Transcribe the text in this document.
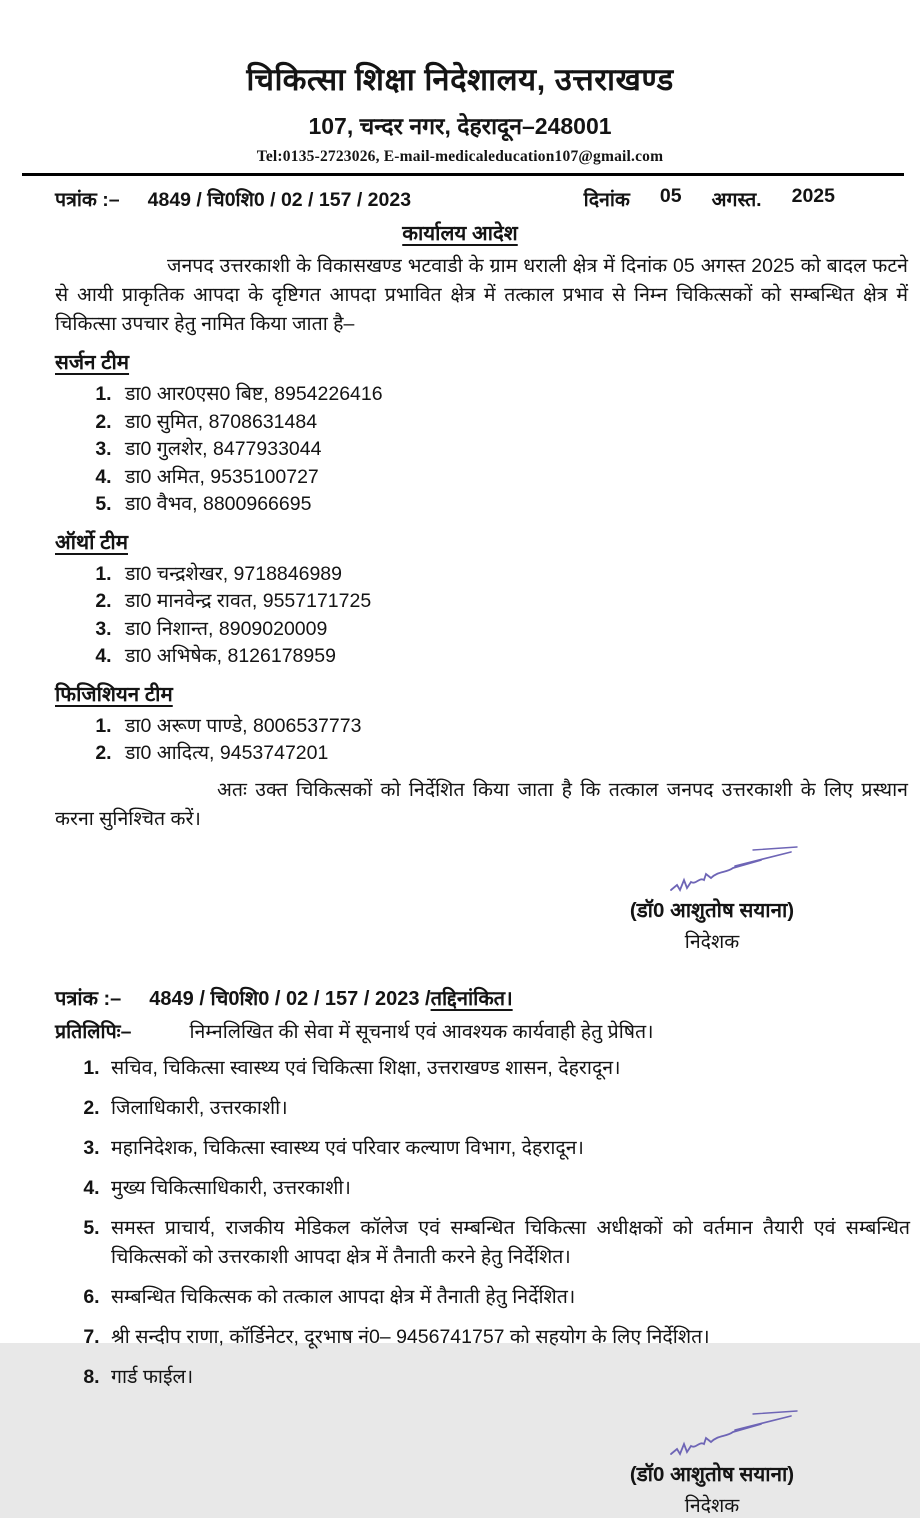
चिकित्सा शिक्षा निदेशालय, उत्तराखण्ड
107, चन्दर नगर, देहरादून–248001
Tel:0135-2723026, E-mail-medicaleducation107@gmail.com
पत्रांक :– 4849 / चि0शि0 / 02 / 157 / 2023	दिनांक 05 अगस्त. 2025
कार्यालय आदेश

जनपद उत्तरकाशी के विकासखण्ड भटवाडी के ग्राम धराली क्षेत्र में दिनांक 05 अगस्त 2025 को बादल फटने से आयी प्राकृतिक आपदा के दृष्टिगत आपदा प्रभावित क्षेत्र में तत्काल प्रभाव से निम्न चिकित्सकों को सम्बन्धित क्षेत्र में चिकित्सा उपचार हेतु नामित किया जाता है–

सर्जन टीम
1. डा0 आर0एस0 बिष्ट, 8954226416
2. डा0 सुमित, 8708631484
3. डा0 गुलशेर, 8477933044
4. डा0 अमित, 9535100727
5. डा0 वैभव, 8800966695
ऑर्थो टीम
1. डा0 चन्द्रशेखर, 9718846989
2. डा0 मानवेन्द्र रावत, 9557171725
3. डा0 निशान्त, 8909020009
4. डा0 अभिषेक, 8126178959
फिजिशियन टीम
1. डा0 अरूण पाण्डे, 8006537773
2. डा0 आदित्य, 9453747201

अतः उक्त चिकित्सकों को निर्देशित किया जाता है कि तत्काल जनपद उत्तरकाशी के लिए प्रस्थान करना सुनिश्चित करें।

(डॉ0 आशुतोष सयाना)
निदेशक
पत्रांक :– 4849 / चि0शि0 / 02 / 157 / 2023 / तद्दिनांकित।
प्रतिलिपिः–	निम्नलिखित की सेवा में सूचनार्थ एवं आवश्यक कार्यवाही हेतु प्रेषित।
1. सचिव, चिकित्सा स्वास्थ्य एवं चिकित्सा शिक्षा, उत्तराखण्ड शासन, देहरादून।
2. जिलाधिकारी, उत्तरकाशी।
3. महानिदेशक, चिकित्सा स्वास्थ्य एवं परिवार कल्याण विभाग, देहरादून।
4. मुख्य चिकित्साधिकारी, उत्तरकाशी।
5. समस्त प्राचार्य, राजकीय मेडिकल कॉलेज एवं सम्बन्धित चिकित्सा अधीक्षकों को वर्तमान तैयारी एवं सम्बन्धित चिकित्सकों को उत्तरकाशी आपदा क्षेत्र में तैनाती करने हेतु निर्देशित।
6. सम्बन्धित चिकित्सक को तत्काल आपदा क्षेत्र में तैनाती हेतु निर्देशित।
7. श्री सन्दीप राणा, कॉर्डिनेटर, दूरभाष नं0– 9456741757 को सहयोग के लिए निर्देशित।
8. गार्ड फाईल।
(डॉ0 आशुतोष सयाना)
निदेशक
